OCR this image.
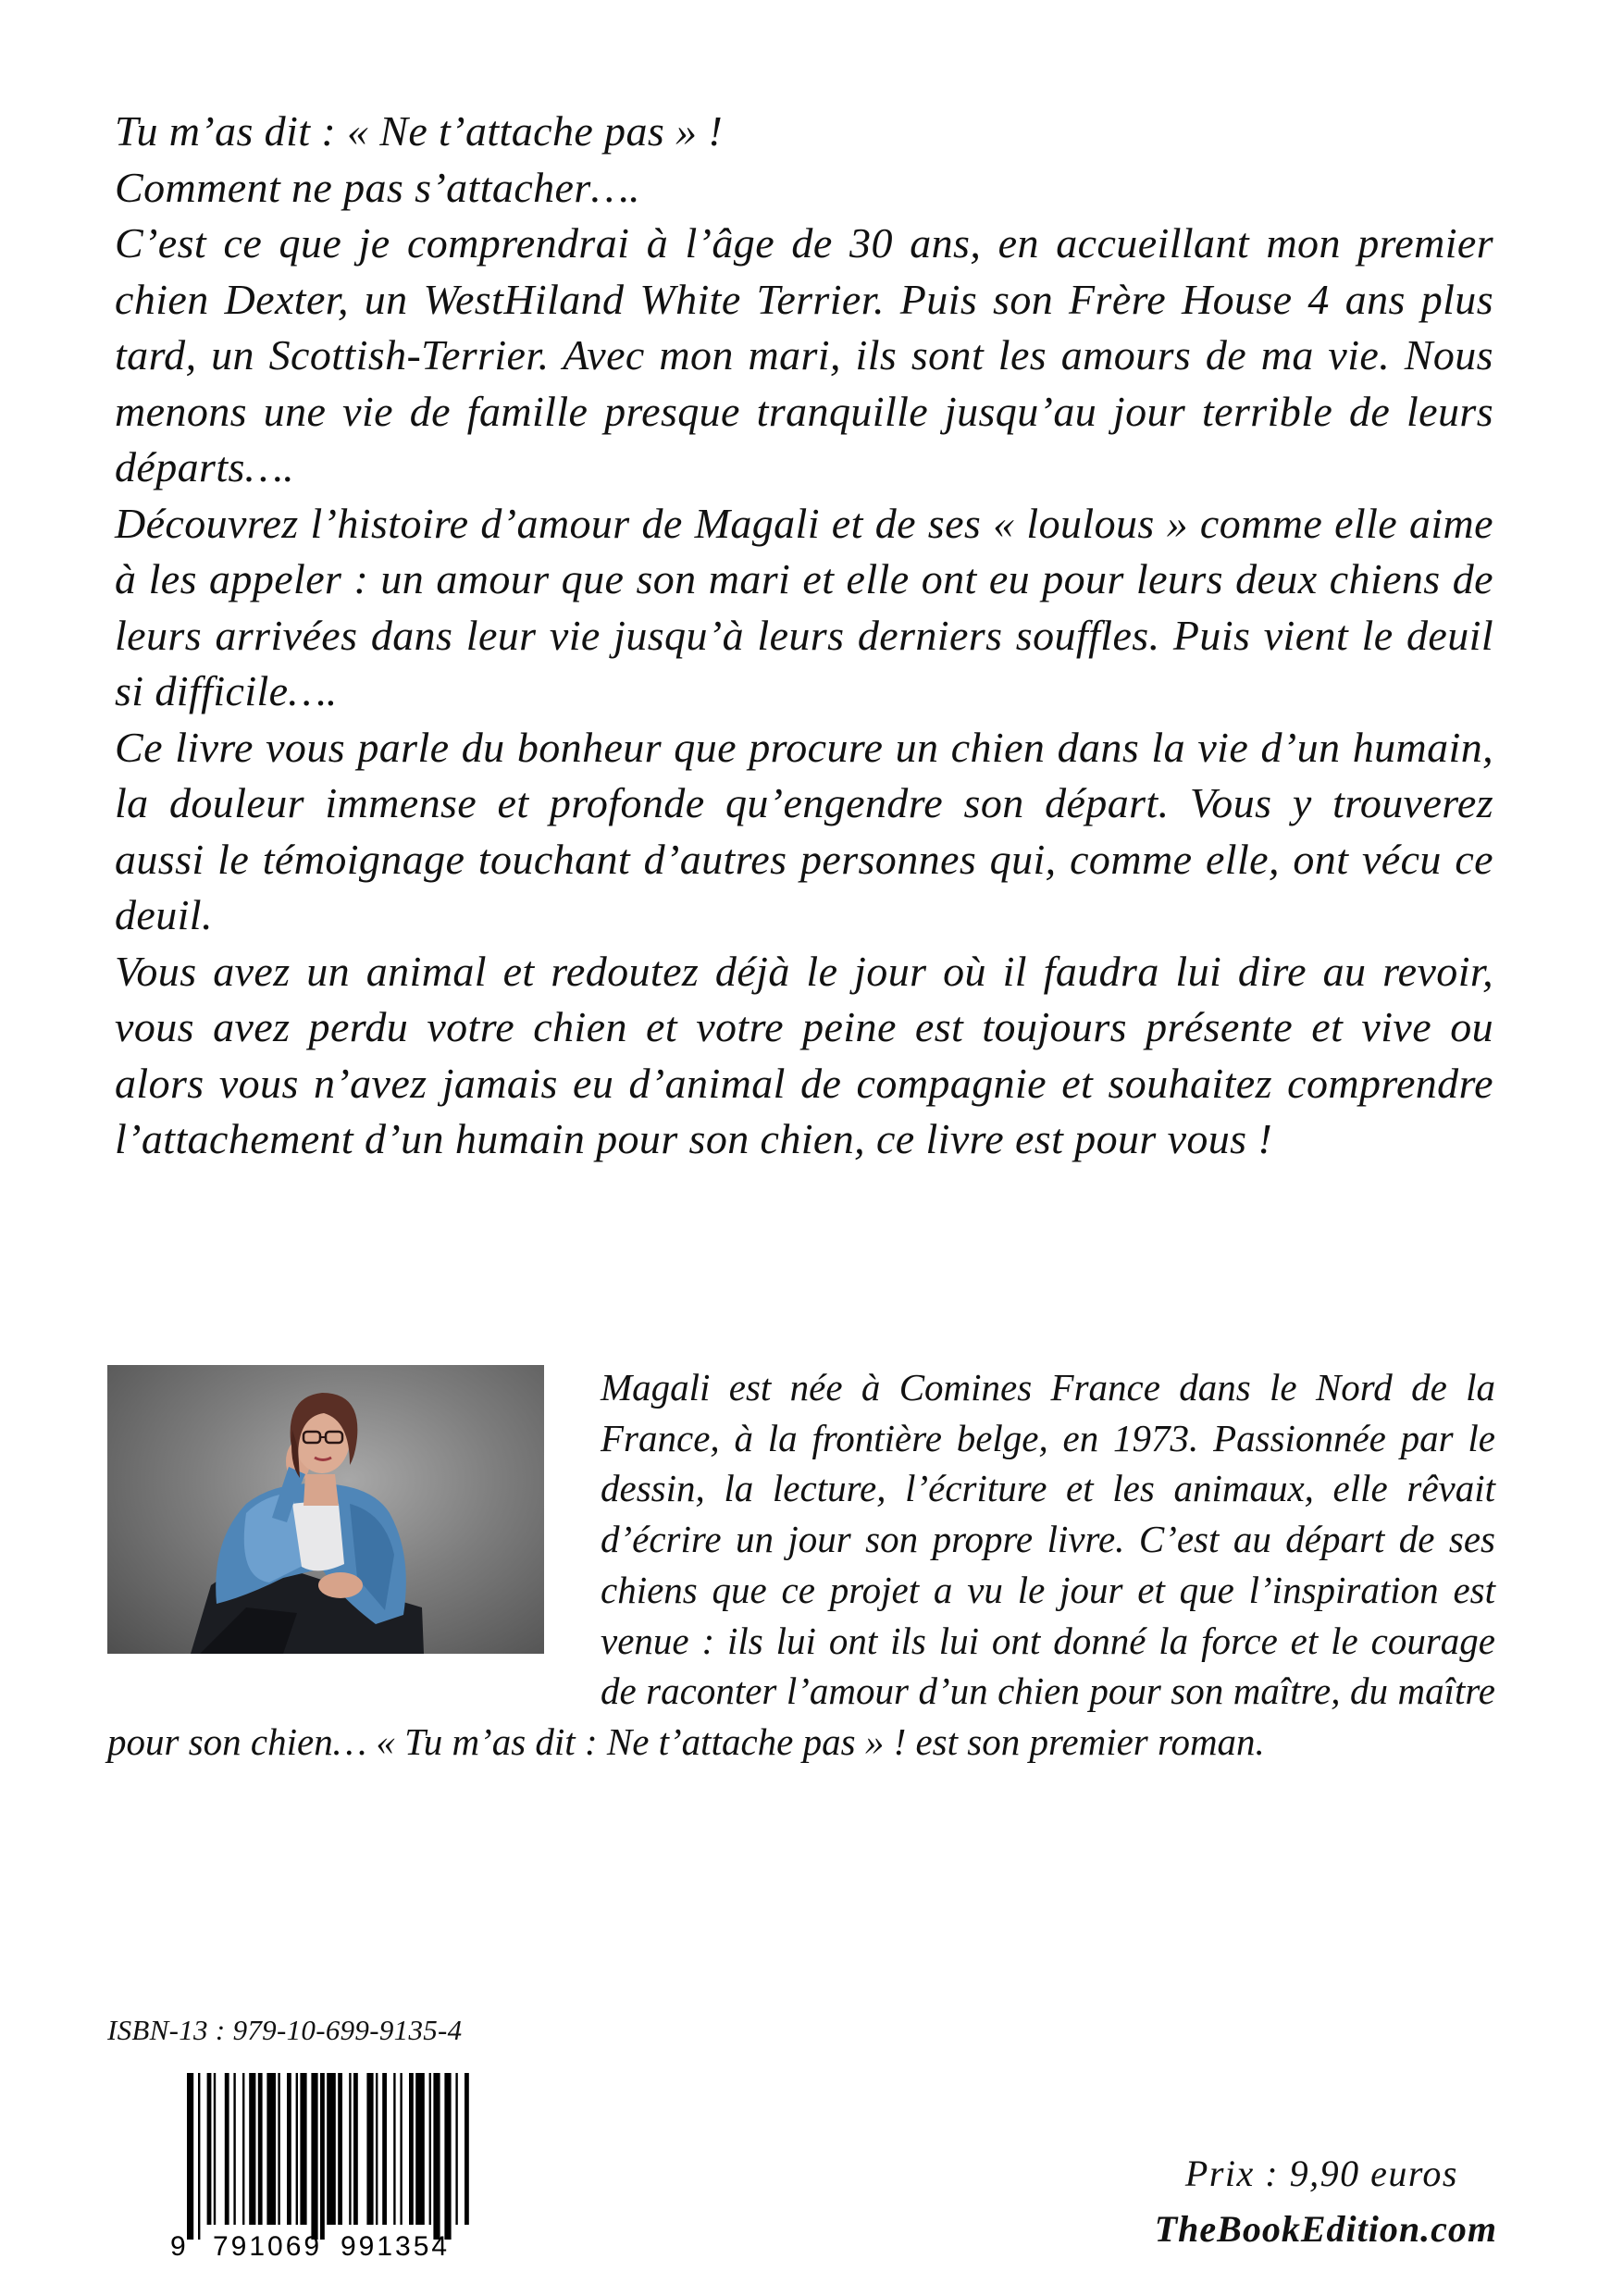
Tu m’as dit : « Ne t’attache pas » !

Comment ne pas s’attacher….

C’est ce que je comprendrai à l’âge de 30 ans, en accueillant mon premier chien Dexter, un WestHiland White Terrier. Puis son Frère House 4 ans plus tard, un Scottish-Terrier. Avec mon mari, ils sont les amours de ma vie. Nous menons une vie de famille presque tranquille jusqu’au jour terrible de leurs départs….

Découvrez l’histoire d’amour de Magali et de ses « loulous » comme elle aime à les appeler : un amour que son mari et elle ont eu pour leurs deux chiens de leurs arrivées dans leur vie jusqu’à leurs derniers souffles. Puis vient le deuil si difficile….

Ce livre vous parle du bonheur que procure un chien dans la vie d’un humain, la douleur immense et profonde qu’engendre son départ. Vous y trouverez aussi le témoignage touchant d’autres personnes qui, comme elle, ont vécu ce deuil.

Vous avez un animal et redoutez déjà le jour où il faudra lui dire au revoir, vous avez perdu votre chien et votre peine est toujours présente et vive ou alors vous n’avez jamais eu d’animal de compagnie et souhaitez comprendre l’attachement d’un humain pour son chien, ce livre est pour vous !

Magali est née à Comines France dans le Nord de la France, à la frontière belge, en 1973. Passionnée par le dessin, la lecture, l’écriture et les animaux, elle rêvait d’écrire un jour son propre livre. C’est au départ de ses chiens que ce projet a vu le jour et que l’inspiration est venue : ils lui ont ils lui ont donné la force et le courage de raconter l’amour d’un chien pour son maître, du maître pour son chien… « Tu m’as dit : Ne t’attache pas » ! est son premier roman.

ISBN-13 : 979-10-699-9135-4
9 791069 991354
Prix : 9,90 euros
TheBookEdition.com
